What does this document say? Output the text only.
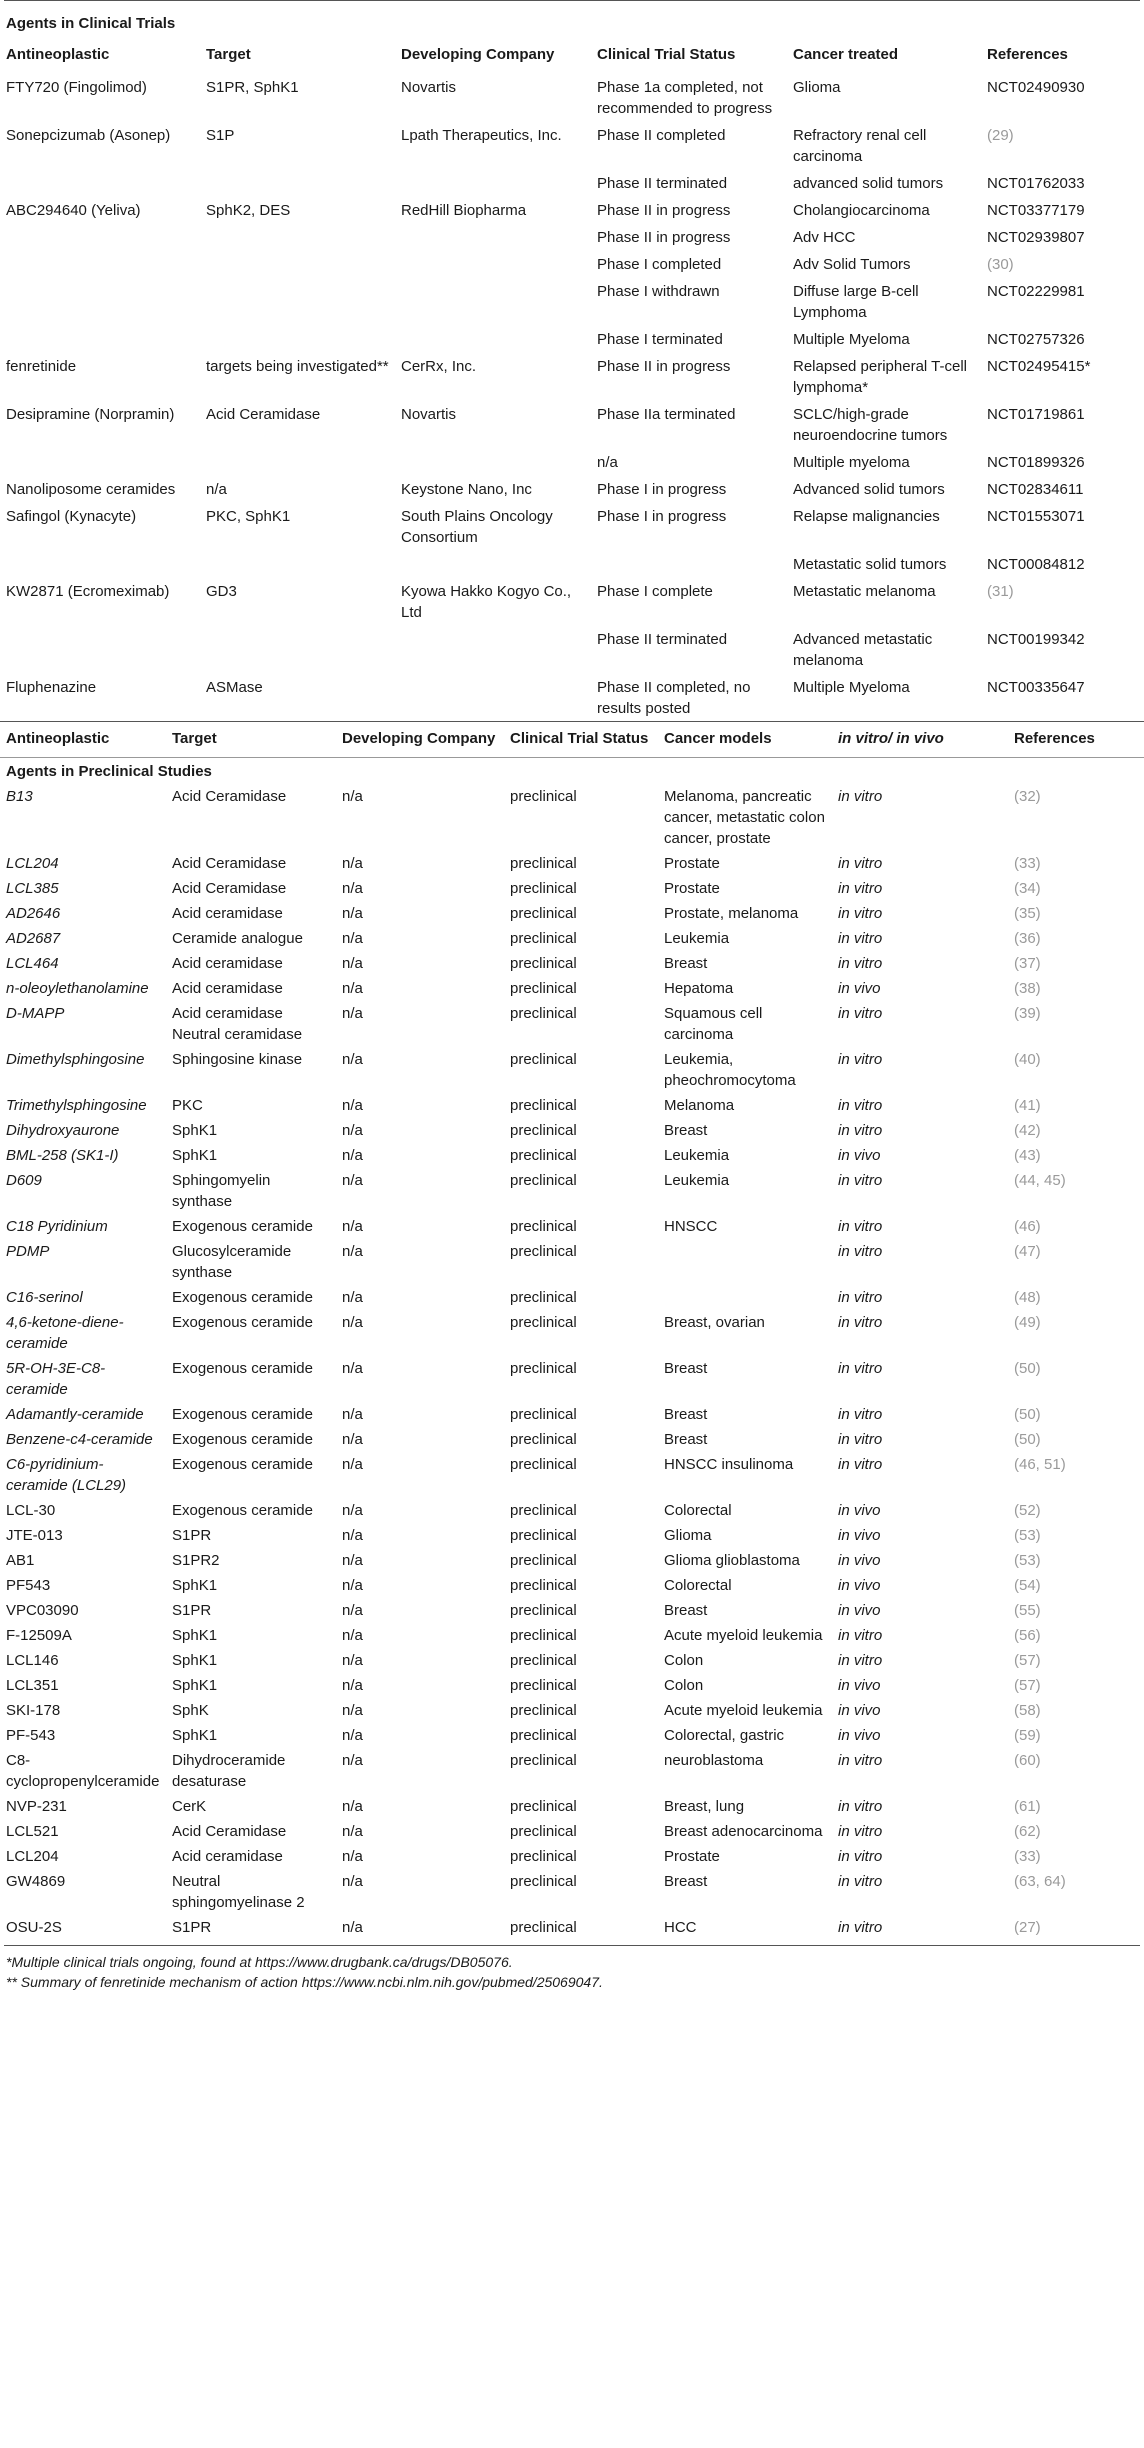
Agents in Clinical Trials
Antineoplastic	Target	Developing Company	Clinical Trial Status	Cancer treated	References
FTY720 (Fingolimod)	S1PR, SphK1	Novartis	Phase 1a completed, not recommended to progress	Glioma	NCT02490930
Sonepcizumab (Asonep)	S1P	Lpath Therapeutics, Inc.	Phase II completed	Refractory renal cell carcinoma	(29)
			Phase II terminated	advanced solid tumors	NCT01762033
ABC294640 (Yeliva)	SphK2, DES	RedHill Biopharma	Phase II in progress	Cholangiocarcinoma	NCT03377179
			Phase II in progress	Adv HCC	NCT02939807
			Phase I completed	Adv Solid Tumors	(30)
			Phase I withdrawn	Diffuse large B-cell Lymphoma	NCT02229981
			Phase I terminated	Multiple Myeloma	NCT02757326
fenretinide	targets being investigated**	CerRx, Inc.	Phase II in progress	Relapsed peripheral T-cell lymphoma*	NCT02495415*
Desipramine (Norpramin)	Acid Ceramidase	Novartis	Phase IIa terminated	SCLC/high-grade neuroendocrine tumors	NCT01719861
			n/a	Multiple myeloma	NCT01899326
Nanoliposome ceramides	n/a	Keystone Nano, Inc	Phase I in progress	Advanced solid tumors	NCT02834611
Safingol (Kynacyte)	PKC, SphK1	South Plains Oncology Consortium	Phase I in progress	Relapse malignancies	NCT01553071
				Metastatic solid tumors	NCT00084812
KW2871 (Ecromeximab)	GD3	Kyowa Hakko Kogyo Co., Ltd	Phase I complete	Metastatic melanoma	(31)
			Phase II terminated	Advanced metastatic melanoma	NCT00199342
Fluphenazine	ASMase		Phase II completed, no results posted	Multiple Myeloma	NCT00335647
Antineoplastic	Target	Developing Company	Clinical Trial Status	Cancer models	in vitro/ in vivo	References
Agents in Preclinical Studies						
B13	Acid Ceramidase	n/a	preclinical	Melanoma, pancreatic cancer, metastatic colon cancer, prostate	in vitro	(32)
LCL204	Acid Ceramidase	n/a	preclinical	Prostate	in vitro	(33)
LCL385	Acid Ceramidase	n/a	preclinical	Prostate	in vitro	(34)
AD2646	Acid ceramidase	n/a	preclinical	Prostate, melanoma	in vitro	(35)
AD2687	Ceramide analogue	n/a	preclinical	Leukemia	in vitro	(36)
LCL464	Acid ceramidase	n/a	preclinical	Breast	in vitro	(37)
n-oleoylethanolamine	Acid ceramidase	n/a	preclinical	Hepatoma	in vivo	(38)
D-MAPP	Acid ceramidase Neutral ceramidase	n/a	preclinical	Squamous cell carcinoma	in vitro	(39)
Dimethylsphingosine	Sphingosine kinase	n/a	preclinical	Leukemia, pheochromocytoma	in vitro	(40)
Trimethylsphingosine	PKC	n/a	preclinical	Melanoma	in vitro	(41)
Dihydroxyaurone	SphK1	n/a	preclinical	Breast	in vitro	(42)
BML-258 (SK1-I)	SphK1	n/a	preclinical	Leukemia	in vivo	(43)
D609	Sphingomyelin synthase	n/a	preclinical	Leukemia	in vitro	(44, 45)
C18 Pyridinium	Exogenous ceramide	n/a	preclinical	HNSCC	in vitro	(46)
PDMP	Glucosylceramide synthase	n/a	preclinical		in vitro	(47)
C16-serinol	Exogenous ceramide	n/a	preclinical		in vitro	(48)
4,6-ketone-diene-ceramide	Exogenous ceramide	n/a	preclinical	Breast, ovarian	in vitro	(49)
5R-OH-3E-C8-ceramide	Exogenous ceramide	n/a	preclinical	Breast	in vitro	(50)
Adamantly-ceramide	Exogenous ceramide	n/a	preclinical	Breast	in vitro	(50)
Benzene-c4-ceramide	Exogenous ceramide	n/a	preclinical	Breast	in vitro	(50)
C6-pyridinium-ceramide (LCL29)	Exogenous ceramide	n/a	preclinical	HNSCC insulinoma	in vitro	(46, 51)
LCL-30	Exogenous ceramide	n/a	preclinical	Colorectal	in vivo	(52)
JTE-013	S1PR	n/a	preclinical	Glioma	in vivo	(53)
AB1	S1PR2	n/a	preclinical	Glioma glioblastoma	in vivo	(53)
PF543	SphK1	n/a	preclinical	Colorectal	in vivo	(54)
VPC03090	S1PR	n/a	preclinical	Breast	in vivo	(55)
F-12509A	SphK1	n/a	preclinical	Acute myeloid leukemia	in vitro	(56)
LCL146	SphK1	n/a	preclinical	Colon	in vitro	(57)
LCL351	SphK1	n/a	preclinical	Colon	in vivo	(57)
SKI-178	SphK	n/a	preclinical	Acute myeloid leukemia	in vivo	(58)
PF-543	SphK1	n/a	preclinical	Colorectal, gastric	in vivo	(59)
C8-cyclopropenylceramide	Dihydroceramide desaturase	n/a	preclinical	neuroblastoma	in vitro	(60)
NVP-231	CerK	n/a	preclinical	Breast, lung	in vitro	(61)
LCL521	Acid Ceramidase	n/a	preclinical	Breast adenocarcinoma	in vitro	(62)
LCL204	Acid ceramidase	n/a	preclinical	Prostate	in vitro	(33)
GW4869	Neutral sphingomyelinase 2	n/a	preclinical	Breast	in vitro	(63, 64)
OSU-2S	S1PR	n/a	preclinical	HCC	in vitro	(27)
*Multiple clinical trials ongoing, found at https://www.drugbank.ca/drugs/DB05076.
** Summary of fenretinide mechanism of action https://www.ncbi.nlm.nih.gov/pubmed/25069047.
